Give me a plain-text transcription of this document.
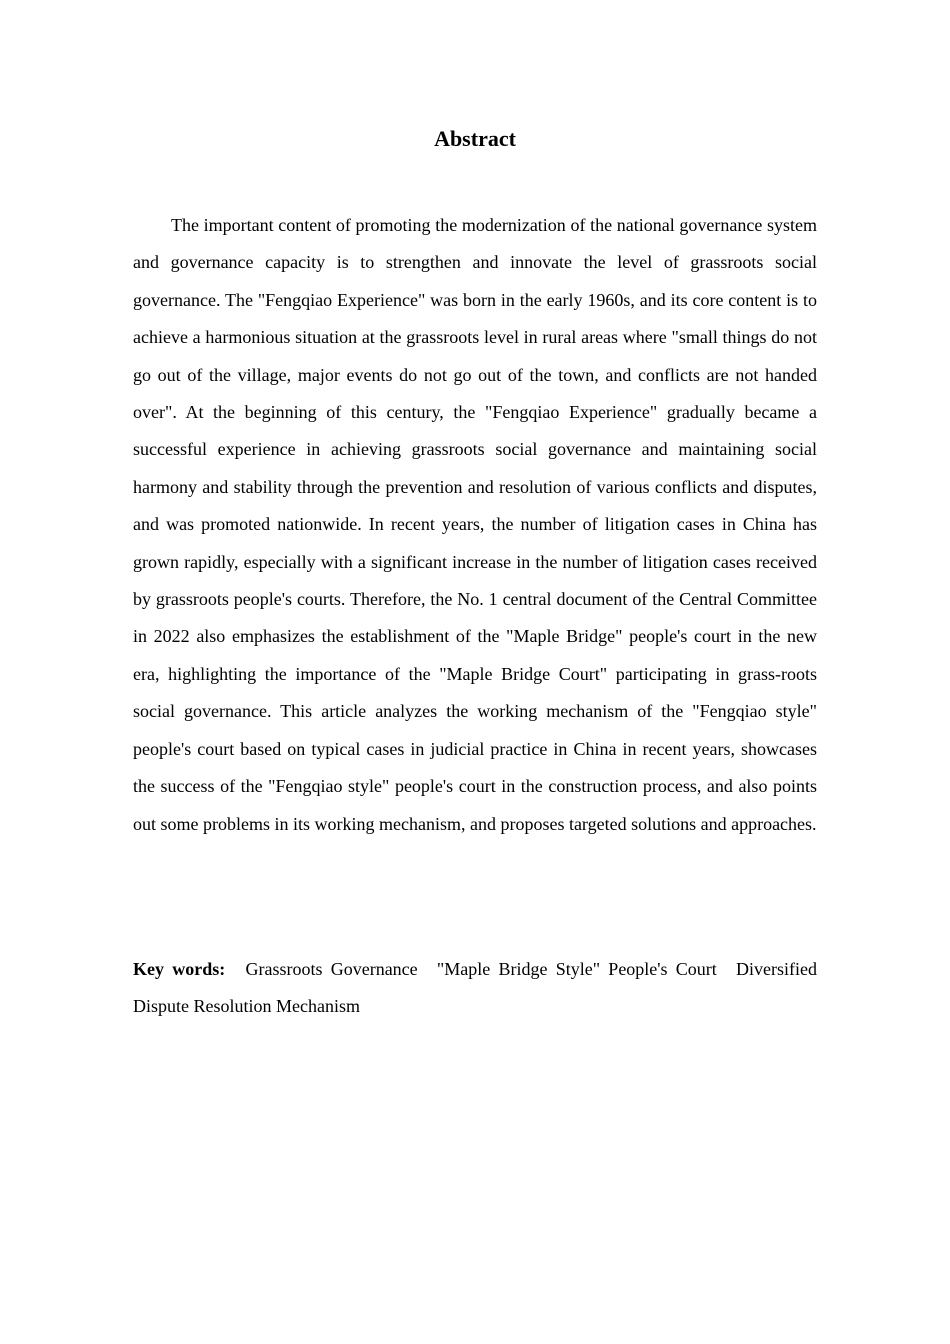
Abstract

The important content of promoting the modernization of the national governance system and governance capacity is to strengthen and innovate the level of grassroots social governance. The "Fengqiao Experience" was born in the early 1960s, and its core content is to achieve a harmonious situation at the grassroots level in rural areas where "small things do not go out of the village, major events do not go out of the town, and conflicts are not handed over". At the beginning of this century, the "Fengqiao Experience" gradually became a successful experience in achieving grassroots social governance and maintaining social harmony and stability through the prevention and resolution of various conflicts and disputes, and was promoted nationwide. In recent years, the number of litigation cases in China has grown rapidly, especially with a significant increase in the number of litigation cases received by grassroots people's courts. Therefore, the No. 1 central document of the Central Committee in 2022 also emphasizes the establishment of the "Maple Bridge" people's court in the new era, highlighting the importance of the "Maple Bridge Court" participating in grass-roots social governance. This article analyzes the working mechanism of the "Fengqiao style" people's court based on typical cases in judicial practice in China in recent years, showcases the success of the "Fengqiao style" people's court in the construction process, and also points out some problems in its working mechanism, and proposes targeted solutions and approaches.

Key words: Grassroots Governance "Maple Bridge Style" People's Court Diversified Dispute Resolution Mechanism
